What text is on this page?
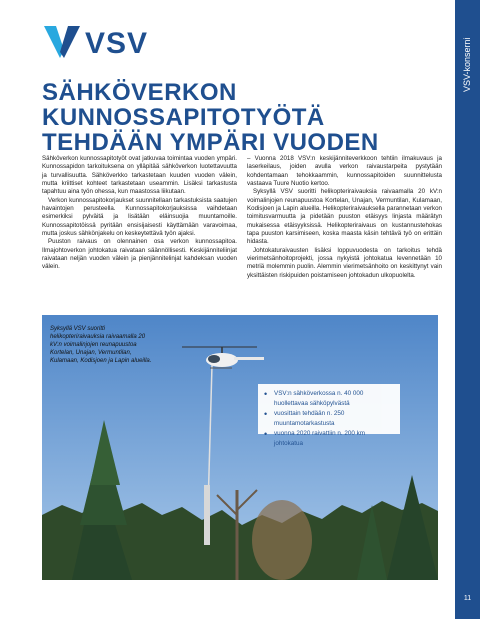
VSV-konserni
11
VSV
SÄHKÖVERKON KUNNOSSAPITOTYÖTÄ
TEHDÄÄN YMPÄRI VUODEN

Sähköverkon kunnossapitotyöt ovat jatkuvaa toimintaa vuoden ympäri. Kunnossapidon tarkoituksena on ylläpitää sähköverkon luotettavuutta ja turvallisuutta. Sähköverkko tarkastetaan kuuden vuoden välein, mutta kriittiset kohteet tarkastetaan useammin. Lisäksi tarkastusta tapahtuu aina työn ohessa, kun maastossa liikutaan.

Verkon kunnossapitokorjaukset suunnitellaan tarkastuksista saatujen havaintojen perusteella. Kunnossapitokorjauksissa vaihdetaan esimerkiksi pylväitä ja lisätään eläinsuojia muuntamoille. Kunnossapitotöissä pyritään ensisijaisesti käyttämään varavoimaa, mutta joskus sähkönjakelu on keskeytettävä työn ajaksi.

Puuston raivaus on olennainen osa verkon kunnossapitoa. Ilmajohtoverkon johtokatua raivataan säännöllisesti. Keskijänniteliinjat raivataan neljän vuoden välein ja pienjännitelinjat kahdeksan vuoden välein.

– Vuonna 2018 VSV:n keskijänniteverkkoon tehtiin ilmakuvaus ja laserkeilaus, joiden avulla verkon raivaustarpeita pystytään kohdentamaan tehokkaammin, kunnossapitoiden suunnittelusta vastaava Tuure Nuotio kertoo.

Syksyllä VSV suoritti helikopteriraivauksia raivaamalla 20 kV:n voimalinjojen reunapuustoa Kortelan, Unajan, Vermuntilan, Kulamaan, Kodisjoen ja Lapin alueilla. Helikopteriraivauksella parannetaan verkon toimitusvarmuutta ja pidetään puuston etäisyys linjasta määrätyn mukaisessa etäisyyksissä. Helikopteriraivaus on kustannustehokas tapa puuston karsimiseen, koska maasta käsin tehtävä työ on erittäin hidasta.

Johtokaturaivausten lisäksi loppuvuodesta on tarkoitus tehdä vierimetsänhoitoprojekti, jossa nykyistä johtokatua levennetään 10 metriä molemmin puolin. Alemmin vierimetsänhoito on keskittynyt vain yksittäisten riskipuiden poistamiseen johtokadun ulkopuolelta.

Syksyllä VSV suoritti helikopteriraivauksia raivaamalla 20 kV:n voimalinjojen reunapuustoa Kortelan, Unajan, Vermuntilan, Kulamaan, Kodisjoen ja Lapin alueilla.
• VSV:n sähköverkossa n. 40 000 huollettavaa sähköpylvästä
• vuosittain tehdään n. 250 muuntamotarkastusta
• vuonna 2020 raivattiin n. 200 km johtokatua
